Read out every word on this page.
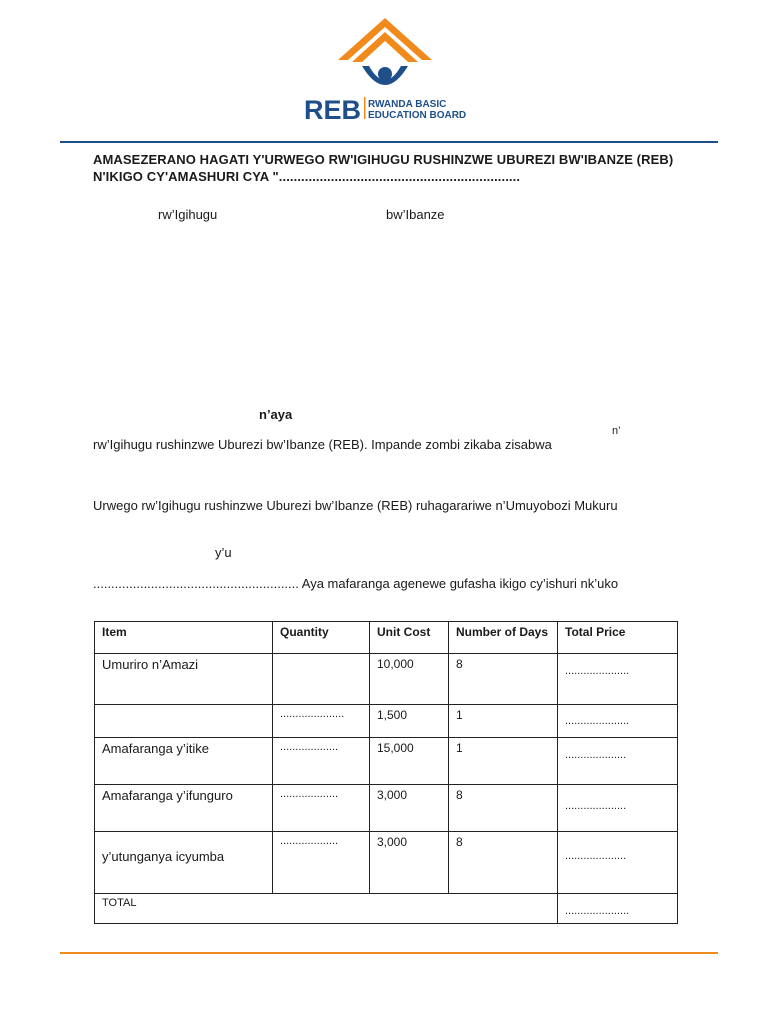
REB RWANDA BASIC
EDUCATION BOARD
AMASEZERANO HAGATI Y'URWEGO RW'IGIHUGU RUSHINZWE UBUREZI BW'IBANZE (REB)
N'IKIGO CY'AMASHURI CYA ".................................................................
rw’Igihugu	bw’Ibanze
n’aya
n’
rw’Igihugu rushinzwe Uburezi bw’Ibanze (REB). Impande zombi zikaba zisabwa
Urwego rw’Igihugu rushinzwe Uburezi bw’Ibanze (REB) ruhagarariwe n’Umuyobozi Mukuru
y’u
......................................................... Aya mafaranga agenewe gufasha ikigo cy’ishuri nk’uko
Item	Quantity	Unit Cost	Number of Days	Total Price
Umuriro n’Amazi		10,000	8	.....................

	.....................	1,500	1	.....................

Amafaranga y’itike	...................	15,000	1	....................

Amafaranga y’ifunguro	...................	3,000	8	....................

y’utunganya icyumba	...................	3,000	8	....................

TOTAL				.....................
